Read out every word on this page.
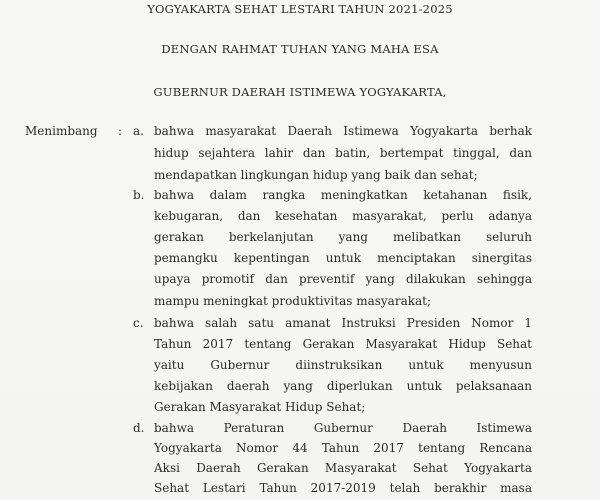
YOGYAKARTA SEHAT LESTARI TAHUN 2021-2025
DENGAN RAHMAT TUHAN YANG MAHA ESA
GUBERNUR DAERAH ISTIMEWA YOGYAKARTA,
Menimbang : a. bahwa masyarakat Daerah Istimewa Yogyakarta berhak
hidup sejahtera lahir dan batin, bertempat tinggal, dan
mendapatkan lingkungan hidup yang baik dan sehat;
b. bahwa dalam rangka meningkatkan ketahanan fisik,
kebugaran, dan kesehatan masyarakat, perlu adanya
gerakan berkelanjutan yang melibatkan seluruh
pemangku kepentingan untuk menciptakan sinergitas
upaya promotif dan preventif yang dilakukan sehingga
mampu meningkat produktivitas masyarakat;
c. bahwa salah satu amanat Instruksi Presiden Nomor 1
Tahun 2017 tentang Gerakan Masyarakat Hidup Sehat
yaitu Gubernur diinstruksikan untuk menyusun
kebijakan daerah yang diperlukan untuk pelaksanaan
Gerakan Masyarakat Hidup Sehat;
d. bahwa Peraturan Gubernur Daerah Istimewa
Yogyakarta Nomor 44 Tahun 2017 tentang Rencana
Aksi Daerah Gerakan Masyarakat Sehat Yogyakarta
Sehat Lestari Tahun 2017-2019 telah berakhir masa
